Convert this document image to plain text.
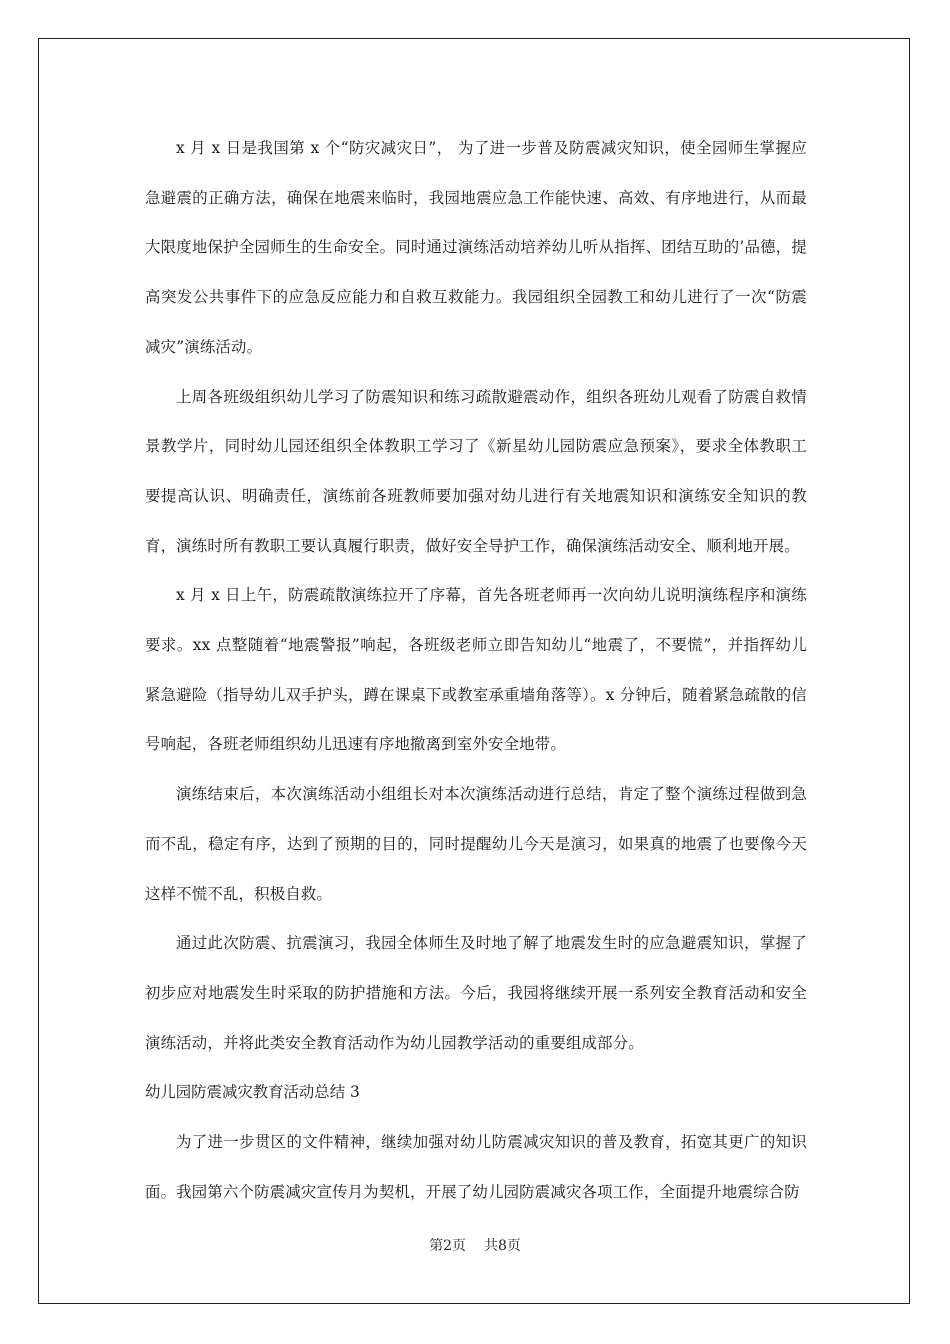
x 月 x 日是我国第 x 个“防灾减灾日”， 为了进一步普及防震减灾知识，使全园师生掌握应急避震的正确方法，确保在地震来临时，我园地震应急工作能快速、高效、有序地进行，从而最大限度地保护全园师生的生命安全。同时通过演练活动培养幼儿听从指挥、团结互助的’品德，提高突发公共事件下的应急反应能力和自救互救能力。我园组织全园教工和幼儿进行了一次“防震减灾”演练活动。

上周各班级组织幼儿学习了防震知识和练习疏散避震动作，组织各班幼儿观看了防震自救情景教学片，同时幼儿园还组织全体教职工学习了《新星幼儿园防震应急预案》，要求全体教职工要提高认识、明确责任，演练前各班教师要加强对幼儿进行有关地震知识和演练安全知识的教育，演练时所有教职工要认真履行职责，做好安全导护工作，确保演练活动安全、顺利地开展。

x 月 x 日上午，防震疏散演练拉开了序幕，首先各班老师再一次向幼儿说明演练程序和演练要求。xx 点整随着“地震警报”响起，各班级老师立即告知幼儿“地震了，不要慌”，并指挥幼儿紧急避险（指导幼儿双手护头，蹲在课桌下或教室承重墙角落等）。x 分钟后，随着紧急疏散的信号响起，各班老师组织幼儿迅速有序地撤离到室外安全地带。

演练结束后，本次演练活动小组组长对本次演练活动进行总结，肯定了整个演练过程做到急而不乱，稳定有序，达到了预期的目的，同时提醒幼儿今天是演习，如果真的地震了也要像今天这样不慌不乱，积极自救。

通过此次防震、抗震演习，我园全体师生及时地了解了地震发生时的应急避震知识，掌握了初步应对地震发生时采取的防护措施和方法。今后，我园将继续开展一系列安全教育活动和安全演练活动，并将此类安全教育活动作为幼儿园教学活动的重要组成部分。

幼儿园防震减灾教育活动总结 3

为了进一步贯区的文件精神，继续加强对幼儿防震减灾知识的普及教育，拓宽其更广的知识面。我园第六个防震减灾宣传月为契机，开展了幼儿园防震减灾各项工作，全面提升地震综合防

第2页 共8页
